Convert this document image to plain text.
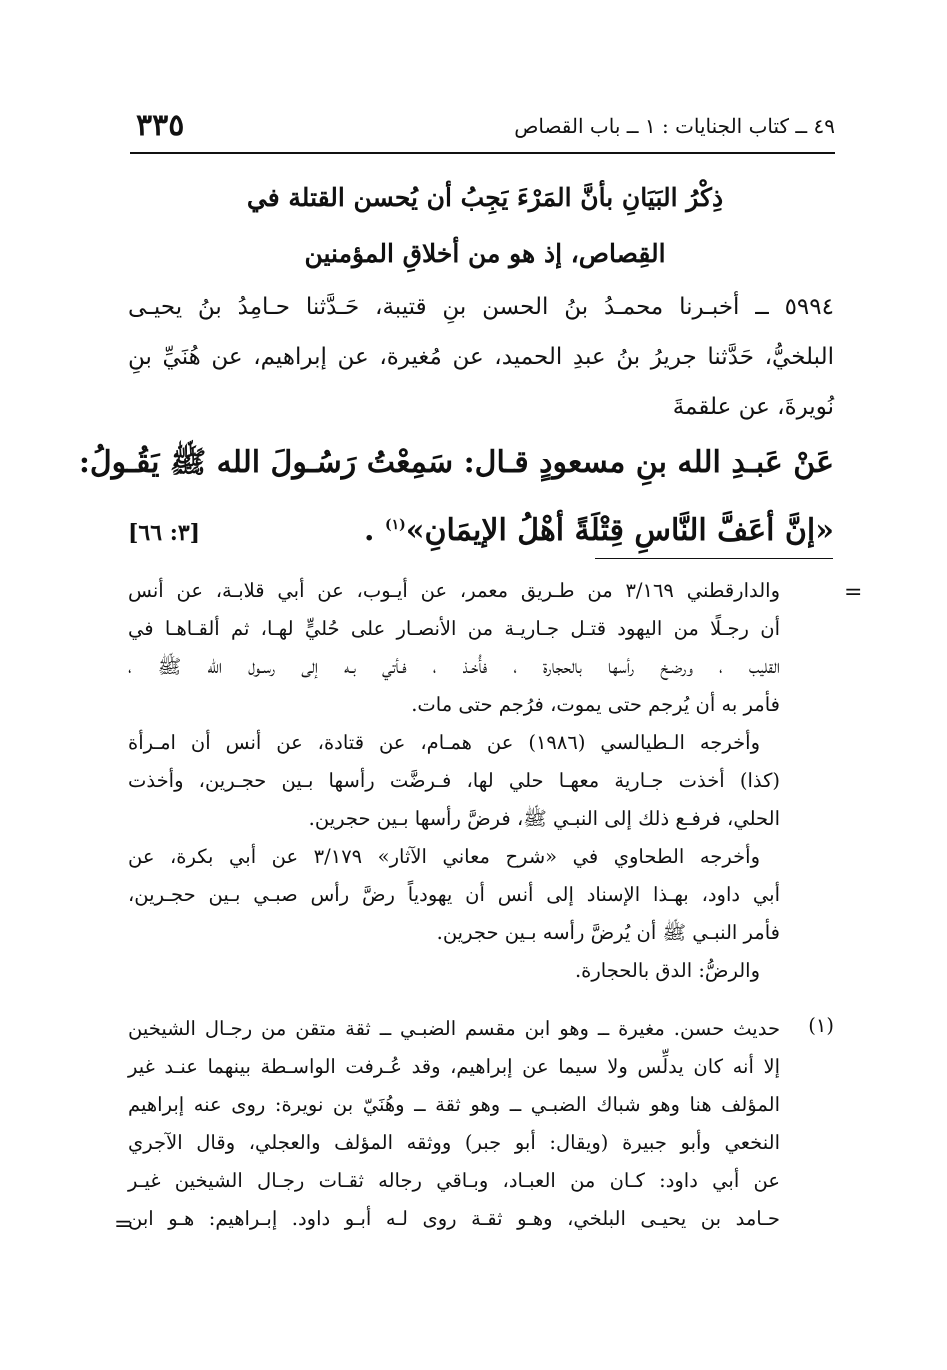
٣٣٥	٤٩ ــ كتاب الجنايات : ١ ــ باب القصاص
ذِكْرُ البَيَانِ بأنَّ المَرْءَ يَجِبُ أن يُحسن القتلة في
القِصاص، إذ هو من أخلاقِ المؤمنين
٥٩٩٤ ــ أخبـرنا محمـدُ بنُ الحسن بنِ قتيبة، حَـدَّثنا حـامِدُ بنُ يحيـى
البلخيُّ، حَدَّثنا جريرُ بنُ عبدِ الحميد، عن مُغيرة، عن إبراهيم، عن هُنَيِّ بنِ
نُويرةَ، عن علقمةَ
عَنْ عَبـدِ الله بنِ مسعودٍ قـال: سَمِعْتُ رَسُـولَ الله ﷺ يَقُـولُ:
«إنَّ أعَفَّ النَّاسِ قِتْلَةً أهْلُ الإيمَانِ»$^{(١)}$ .
[٣: ٦٦]
=
والدارقطني ٣/١٦٩ من طـريق معمر، عن أيـوب، عن أبي قلابـة، عن أنس
أن رجـلًا من اليهود قتـل جـاريـة من الأنصـار على حُليٍّ لهـا، ثم ألقـاهـا في
القليب ، ورضـخ رأسها بالحجارة ، فأُخـذ ، فـأتي بـه إلى رسـول الله ﷺ ،
فأمر به أن يُرجم حتى يموت، فرُجم حتى مات.
وأخرجه الـطيالسي (١٩٨٦) عن همـام، عن قتادة، عن أنس أن امـرأة
(كذا) أخذت جـارية معهـا حلي لها، فـرضَّت رأسها بـين حجـرين، وأخذت
الحلي، فرفـع ذلك إلى النبـي ﷺ، فرضَّ رأسها بـين حجرين.
وأخرجه الطحاوي في «شرح معاني الآثار» ٣/١٧٩ عن أبي بكرة، عن
أبي داود، بهـذا الإسناد إلى أنس أن يهودياً رضَّ رأس صبـي بـين حجـرين،
فأمر النبـي ﷺ أن يُرضَّ رأسه بـين حجرين.
والرضُّ: الدق بالحجارة.
(١)
حديث حسن. مغيرة ــ وهو ابن مقسم الضبـي ــ ثقة متقن من رجـال الشيخين
إلا أنه كان يدلِّس ولا سيما عن إبراهيم، وقد عُـرفت الواسـطة بينهما عنـد غير
المؤلف هنا وهو شباك الضبـي ــ وهو ثقة ــ وهُنَيّ بن نويرة: روى عنه إبراهيم
النخعي وأبو جبيرة (ويقال: أبو جبر) ووثقه المؤلف والعجلي، وقال الآجري
عن أبي داود: كـان من العبـاد، وبـاقي رجاله ثقـات رجـال الشيخين غيـر
حـامد بن يحيـى البلخي، وهـو ثقـة روى لـه أبـو داود. إبـراهيم: هـو ابن
=
